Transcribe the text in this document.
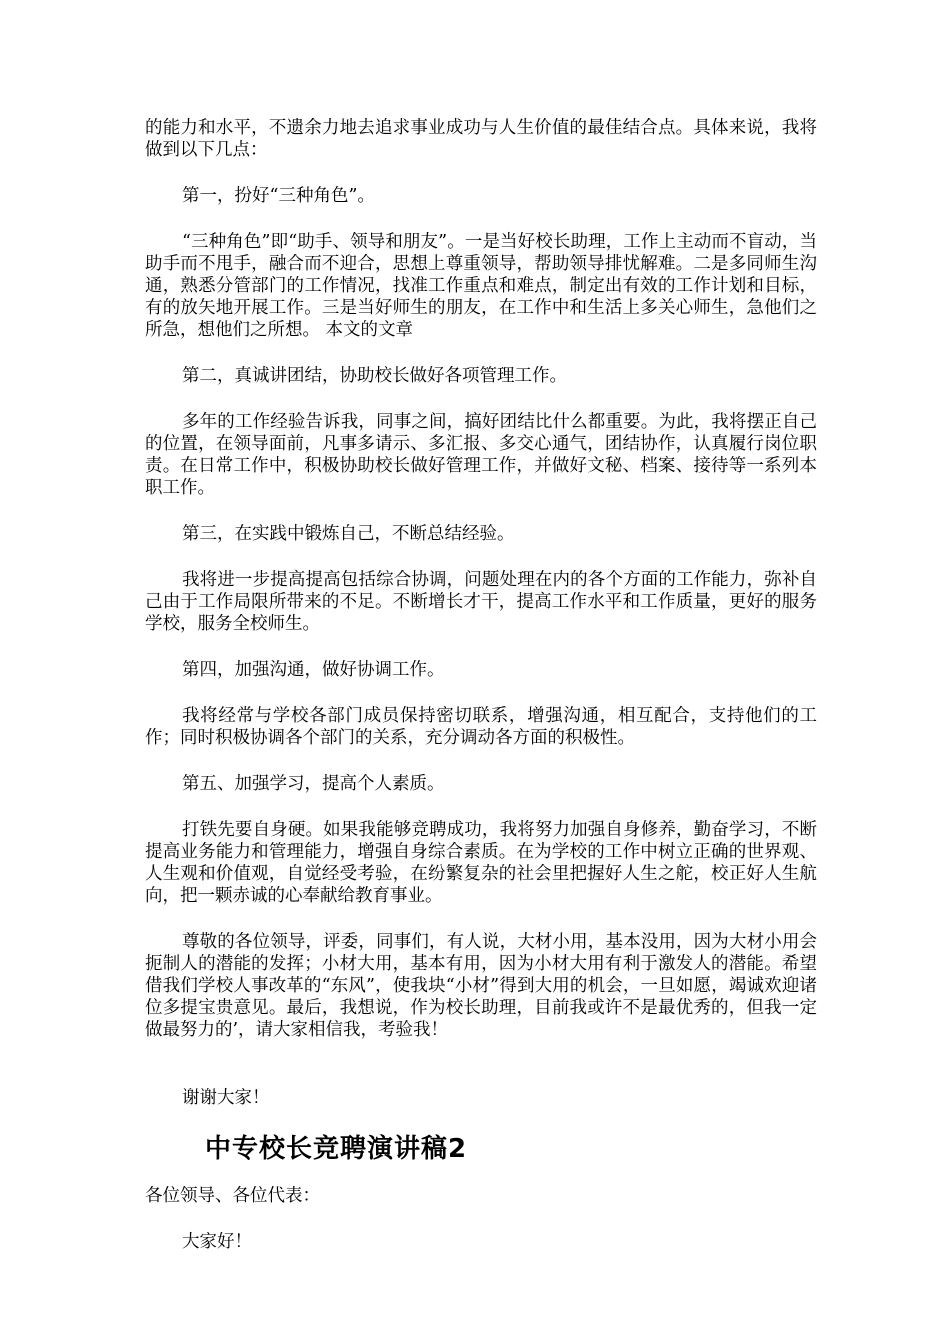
的能力和水平，不遗余力地去追求事业成功与人生价值的最佳结合点。具体来说，我将做到以下几点：

第一，扮好“三种角色”。

“三种角色”即“助手、领导和朋友”。一是当好校长助理，工作上主动而不盲动，当助手而不甩手，融合而不迎合，思想上尊重领导，帮助领导排忧解难。二是多同师生沟通，熟悉分管部门的工作情况，找准工作重点和难点，制定出有效的工作计划和目标，有的放矢地开展工作。三是当好师生的朋友，在工作中和生活上多关心师生，急他们之所急，想他们之所想。 本文的文章

第二，真诚讲团结，协助校长做好各项管理工作。

多年的工作经验告诉我，同事之间，搞好团结比什么都重要。为此，我将摆正自己的位置，在领导面前，凡事多请示、多汇报、多交心通气，团结协作，认真履行岗位职责。在日常工作中，积极协助校长做好管理工作，并做好文秘、档案、接待等一系列本职工作。

第三，在实践中锻炼自己，不断总结经验。

我将进一步提高提高包括综合协调，问题处理在内的各个方面的工作能力，弥补自己由于工作局限所带来的不足。不断增长才干，提高工作水平和工作质量，更好的服务学校，服务全校师生。

第四，加强沟通，做好协调工作。

我将经常与学校各部门成员保持密切联系，增强沟通，相互配合，支持他们的工作；同时积极协调各个部门的关系，充分调动各方面的积极性。

第五、加强学习，提高个人素质。

打铁先要自身硬。如果我能够竞聘成功，我将努力加强自身修养，勤奋学习，不断提高业务能力和管理能力，增强自身综合素质。在为学校的工作中树立正确的世界观、人生观和价值观，自觉经受考验，在纷繁复杂的社会里把握好人生之舵，校正好人生航向，把一颗赤诚的心奉献给教育事业。

尊敬的各位领导，评委，同事们，有人说，大材小用，基本没用，因为大材小用会扼制人的潜能的发挥；小材大用，基本有用，因为小材大用有利于激发人的潜能。希望借我们学校人事改革的“东风”，使我块“小材”得到大用的机会，一旦如愿，竭诚欢迎诸位多提宝贵意见。最后，我想说，作为校长助理，目前我或许不是最优秀的，但我一定做最努力的’，请大家相信我，考验我！

谢谢大家！

中专校长竞聘演讲稿2

各位领导、各位代表：

大家好！
